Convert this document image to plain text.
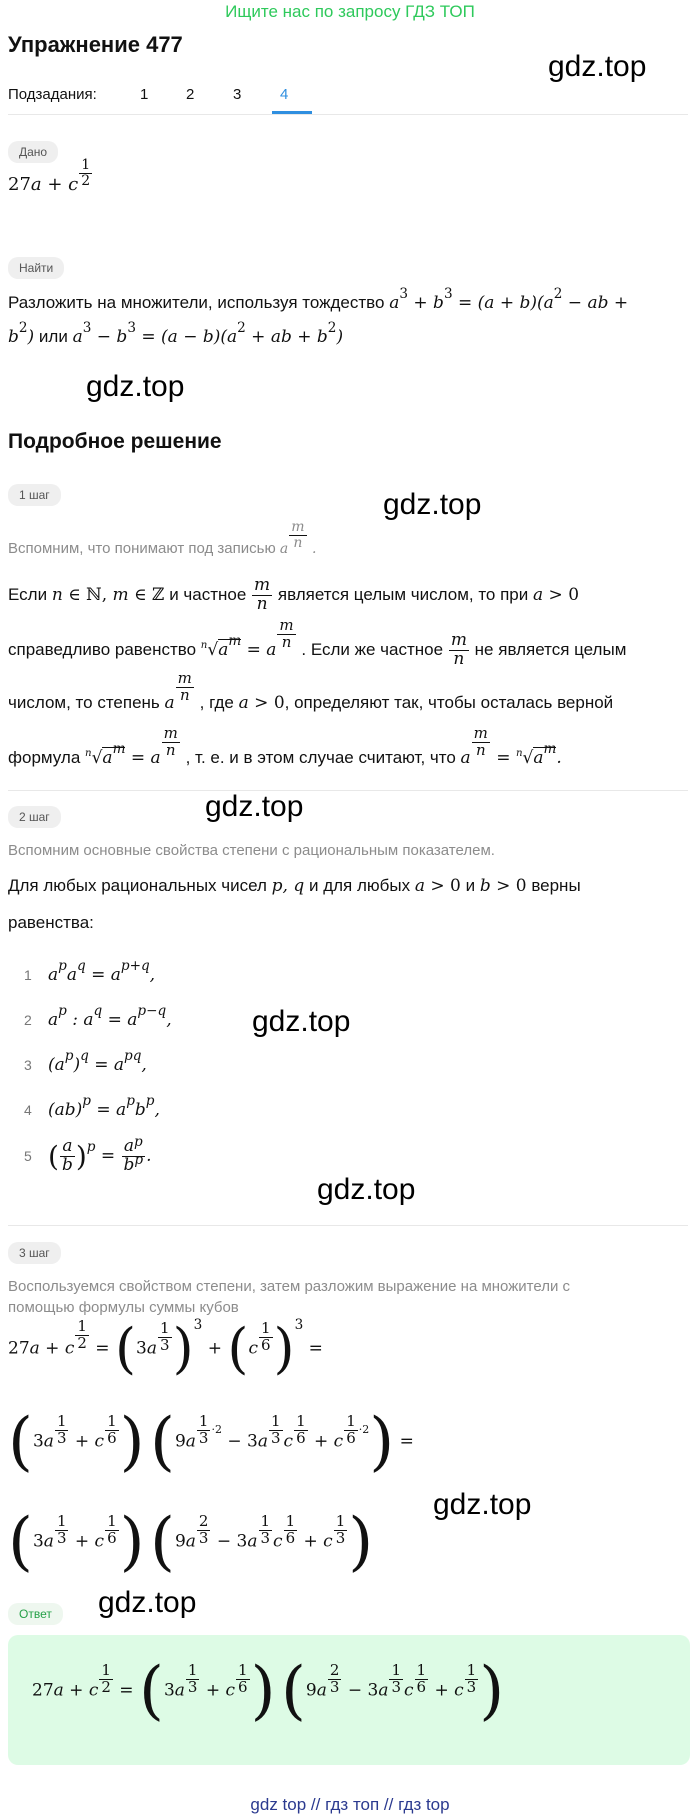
Ищите нас по запросу ГДЗ ТОП
Упражнение 477
gdz.top
Подзадания:	1	2	3	4
Дано
27a + c $\frac{1}{2}$
Найти
Разложить на множители, используя тождество $a^3 + b^3 = (a + b)(a^2$ − ab +
$b^2$) или $a^3 - b^3 = (a - b)(a^2$ + ab + $b^2$)
gdz.top
Подробное решение
1 шаг	gdz.top
Вспомним, что понимают под записью a $\frac{m}{n}$ .
Если n ∈ ℕ, m ∈ ℤ и частное $\frac{m}{n}$ является целым числом, то при a > 0
справедливо равенство $^n√a^m = a \frac{m}{n}$ . Если же частное $\frac{m}{n}$ не является целым
числом, то степень a $\frac{m}{n}$ , где a > 0, определяют так, чтобы осталась верной
формула $^n√a^m = a \frac{m}{n}$ , т. е. и в этом случае считают, что a $\frac{m}{n} = ^n√a^m$.
2 шаг	gdz.top
Вспомним основные свойства степени с рациональным показателем.
Для любых рациональных чисел p, q и для любых a > 0 и b > 0 верны
равенства:
1 $a^pa^q = a^{p+q}$,
2 $a^p$ : $a^q = a^{p-q}$,	gdz.top
3 $(a^p)^q = a^{pq}$,
4 $(ab)^p = a^pb^p$,
5 ( $\frac{a}{b} )^p = \frac{a^p}{b^p}$ .
gdz.top
3 шаг
Воспользуемся свойством степени, затем разложим выражение на множители с
помощью формулы суммы кубов
27a + c $\frac{1}{2} = (3a \frac{1}{3} )^3 + (c \frac{1}{6} )^3$ =
($3a \frac{1}{3} + c \frac{1}{6}$ ) ($9a \frac{1}{3} ^{\cdot 2} - 3a \frac{1}{3}$ c $\frac{1}{6} + c \frac{1}{6} ^{\cdot 2}$) =
($3a \frac{1}{3} + c \frac{1}{6}$ ) ($9a \frac{2}{3} - 3a \frac{1}{3}$ c $\frac{1}{6} + c \frac{1}{3}$ )
gdz.top
Ответ	gdz.top
27a + c $\frac{1}{2} = (3a \frac{1}{3} + c \frac{1}{6}$ ) ($9a \frac{2}{3} - 3a \frac{1}{3}$ c $\frac{1}{6} + c \frac{1}{3}$ )
gdz top // гдз топ // гдз top
